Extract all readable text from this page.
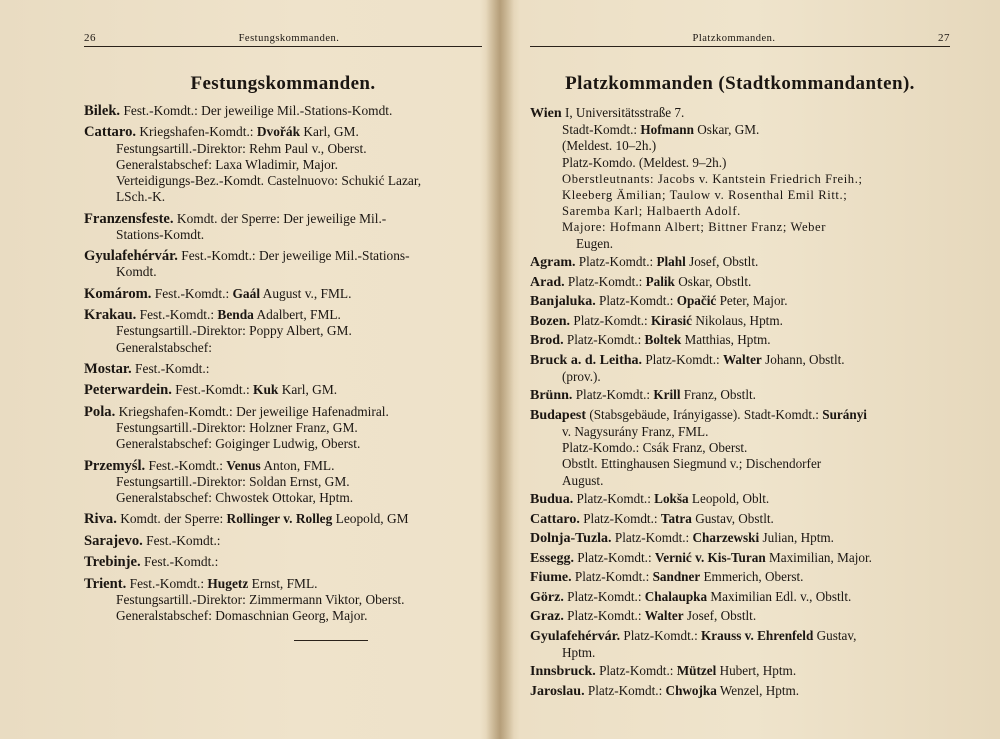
26	Festungskommanden.
Festungskommanden.
Bilek. Fest.-Komdt.: Der jeweilige Mil.-Stations-Komdt.
Cattaro. Kriegshafen-Komdt.: Dvořák Karl, GM.
Festungsartill.-Direktor: Rehm Paul v., Oberst.
Generalstabschef: Laxa Wladimir, Major.
Verteidigungs-Bez.-Komdt. Castelnuovo: Schukić Lazar,
LSch.-K.
Franzensfeste. Komdt. der Sperre: Der jeweilige Mil.-
Stations-Komdt.
Gyulafehérvár. Fest.-Komdt.: Der jeweilige Mil.-Stations-
Komdt.
Komárom. Fest.-Komdt.: Gaál August v., FML.
Krakau. Fest.-Komdt.: Benda Adalbert, FML.
Festungsartill.-Direktor: Poppy Albert, GM.
Generalstabschef:
Mostar. Fest.-Komdt.:
Peterwardein. Fest.-Komdt.: Kuk Karl, GM.
Pola. Kriegshafen-Komdt.: Der jeweilige Hafenadmiral.
Festungsartill.-Direktor: Holzner Franz, GM.
Generalstabschef: Goiginger Ludwig, Oberst.
Przemyśl. Fest.-Komdt.: Venus Anton, FML.
Festungsartill.-Direktor: Soldan Ernst, GM.
Generalstabschef: Chwostek Ottokar, Hptm.
Riva. Komdt. der Sperre: Rollinger v. Rolleg Leopold, GM
Sarajevo. Fest.-Komdt.:
Trebinje. Fest.-Komdt.:
Trient. Fest.-Komdt.: Hugetz Ernst, FML.
Festungsartill.-Direktor: Zimmermann Viktor, Oberst.
Generalstabschef: Domaschnian Georg, Major.
Platzkommanden.	27
Platzkommanden (Stadtkommandanten).
Wien I, Universitätsstraße 7.
Stadt-Komdt.: Hofmann Oskar, GM.
(Meldest. 10–2h.)
Platz-Komdo. (Meldest. 9–2h.)
Oberstleutnants: Jacobs v. Kantstein Friedrich Freih.;
Kleeberg Ämilian; Taulow v. Rosenthal Emil Ritt.;
Saremba Karl; Halbaerth Adolf.
Majore: Hofmann Albert; Bittner Franz; Weber
Eugen.
Agram. Platz-Komdt.: Plahl Josef, Obstlt.
Arad. Platz-Komdt.: Palik Oskar, Obstlt.
Banjaluka. Platz-Komdt.: Opačić Peter, Major.
Bozen. Platz-Komdt.: Kirasić Nikolaus, Hptm.
Brod. Platz-Komdt.: Boltek Matthias, Hptm.
Bruck a. d. Leitha. Platz-Komdt.: Walter Johann, Obstlt.
(prov.).
Brünn. Platz-Komdt.: Krill Franz, Obstlt.
Budapest (Stabsgebäude, Irányigasse). Stadt-Komdt.: Surányi
v. Nagysurány Franz, FML.
Platz-Komdo.: Csák Franz, Oberst.
Obstlt. Ettinghausen Siegmund v.; Dischendorfer
August.
Budua. Platz-Komdt.: Lokša Leopold, Oblt.
Cattaro. Platz-Komdt.: Tatra Gustav, Obstlt.
Dolnja-Tuzla. Platz-Komdt.: Charzewski Julian, Hptm.
Essegg. Platz-Komdt.: Vernić v. Kis-Turan Maximilian, Major.
Fiume. Platz-Komdt.: Sandner Emmerich, Oberst.
Görz. Platz-Komdt.: Chalaupka Maximilian Edl. v., Obstlt.
Graz. Platz-Komdt.: Walter Josef, Obstlt.
Gyulafehérvár. Platz-Komdt.: Krauss v. Ehrenfeld Gustav,
Hptm.
Innsbruck. Platz-Komdt.: Mützel Hubert, Hptm.
Jaroslau. Platz-Komdt.: Chwojka Wenzel, Hptm.
